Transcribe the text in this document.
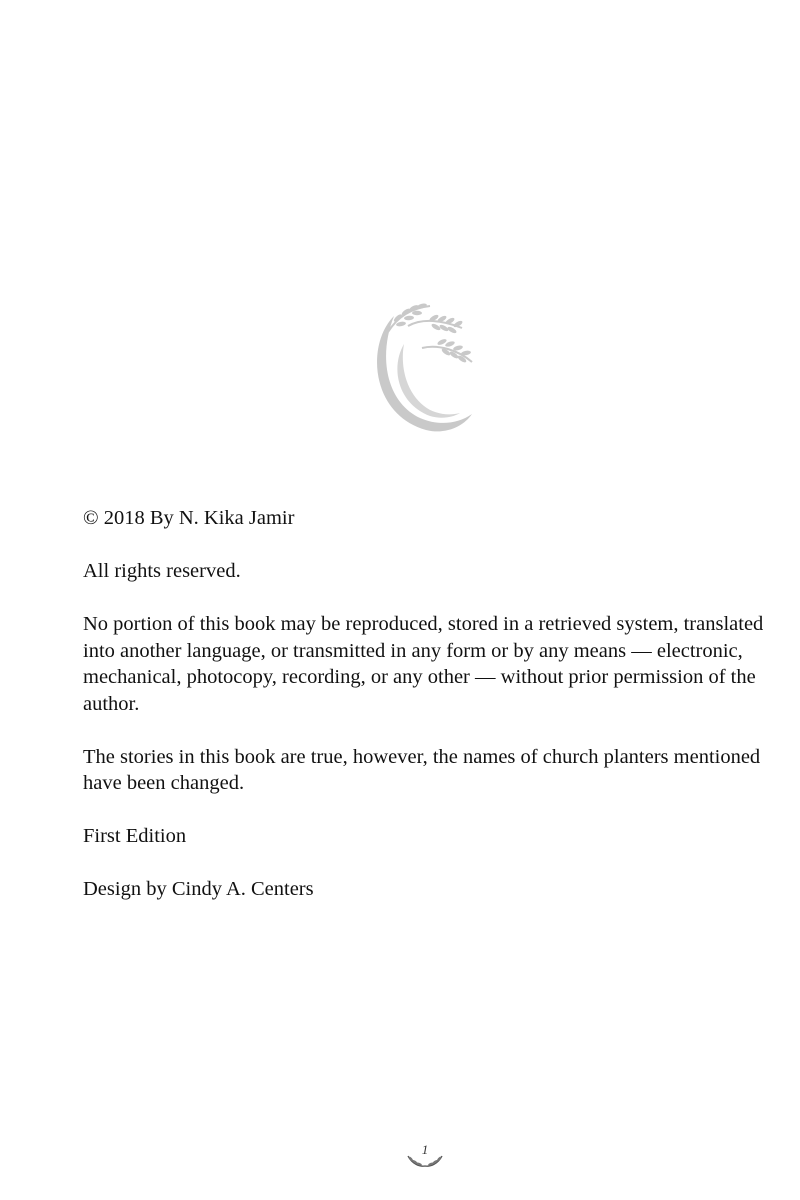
© 2018 By N. Kika Jamir

All rights reserved.

No portion of this book may be reproduced, stored in a retrieved system, translated into another language, or transmitted in any form or by any means — electronic, mechanical, photocopy, recording, or any other — without prior permission of the author.

The stories in this book are true, however, the names of church planters mentioned have been changed.

First Edition

Design by Cindy A. Centers

1
